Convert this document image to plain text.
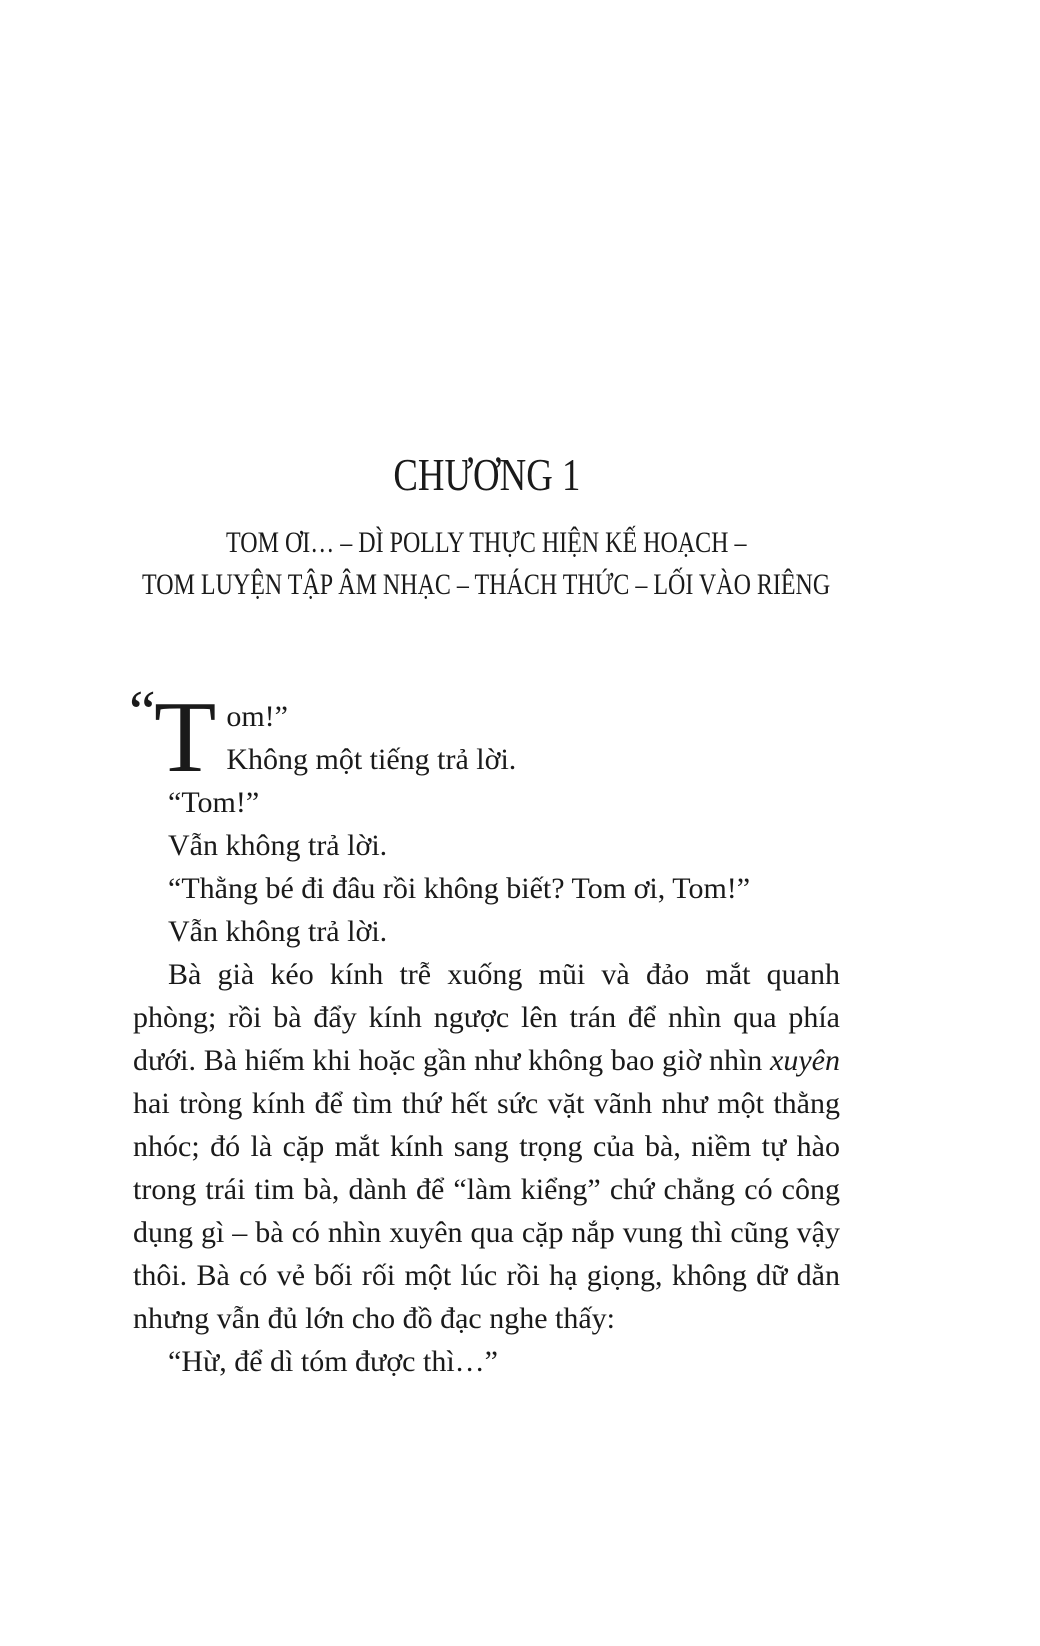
CHƯƠNG 1
TOM ƠI… – DÌ POLLY THỰC HIỆN KẾ HOẠCH –
TOM LUYỆN TẬP ÂM NHẠC – THÁCH THỨC – LỐI VÀO RIÊNG

“
T om!”
Không một tiếng trả lời.

“Tom!”

Vẫn không trả lời.

“Thằng bé đi đâu rồi không biết? Tom ơi, Tom!”

Vẫn không trả lời.

Bà già kéo kính trễ xuống mũi và đảo mắt quanh phòng; rồi bà đẩy kính ngược lên trán để nhìn qua phía dưới. Bà hiếm khi hoặc gần như không bao giờ nhìn xuyên hai tròng kính để tìm thứ hết sức vặt vãnh như một thằng nhóc; đó là cặp mắt kính sang trọng của bà, niềm tự hào trong trái tim bà, dành để “làm kiểng” chứ chẳng có công dụng gì – bà có nhìn xuyên qua cặp nắp vung thì cũng vậy thôi. Bà có vẻ bối rối một lúc rồi hạ giọng, không dữ dằn nhưng vẫn đủ lớn cho đồ đạc nghe thấy:

“Hừ, để dì tóm được thì…”
